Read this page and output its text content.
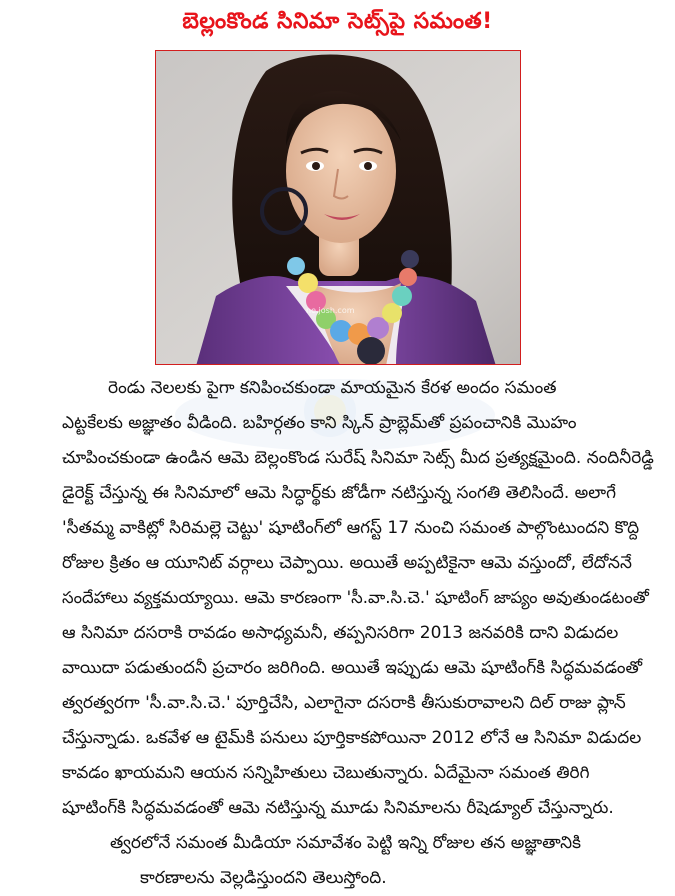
బెల్లంకొండ సినిమా సెట్స్‌పై సమంత!
ne.josh.com
రెండు నెలలకు పైగా కనిపించకుండా మాయమైన కేరళ అందం సమంత
ఎట్టకేలకు అజ్ఞాతం వీడింది. బహిర్గతం కాని స్కిన్ ప్రాబ్లెమ్‌తో ప్రపంచానికి మొహం
చూపించకుండా ఉండిన ఆమె బెల్లంకొండ సురేష్ సినిమా సెట్స్ మీద ప్రత్యక్షమైంది. నందినీరెడ్డి
డైరెక్ట్ చేస్తున్న ఈ సినిమాలో ఆమె సిద్ధార్థ్‌కు జోడీగా నటిస్తున్న సంగతి తెలిసిందే. అలాగే
'సీతమ్మ వాకిట్లో సిరిమల్లె చెట్టు' షూటింగ్‌లో ఆగస్ట్ 17 నుంచి సమంత పాల్గొంటుందని కొద్ది
రోజుల క్రితం ఆ యూనిట్ వర్గాలు చెప్పాయి. అయితే అప్పటికైనా ఆమె వస్తుందో, లేదోననే
సందేహాలు వ్యక్తమయ్యాయి. ఆమె కారణంగా 'సీ.వా.సి.చె.' షూటింగ్ జాప్యం అవుతుండటంతో
ఆ సినిమా దసరాకి రావడం అసాధ్యమనీ, తప్పనిసరిగా 2013 జనవరికి దాని విడుదల
వాయిదా పడుతుందనీ ప్రచారం జరిగింది. అయితే ఇప్పుడు ఆమె షూటింగ్‌కి సిద్ధమవడంతో
త్వరత్వరగా 'సీ.వా.సి.చె.' పూర్తిచేసి, ఎలాగైనా దసరాకి తీసుకురావాలని దిల్ రాజు ప్లాన్
చేస్తున్నాడు. ఒకవేళ ఆ టైమ్‌కి పనులు పూర్తికాకపోయినా 2012 లోనే ఆ సినిమా విడుదల
కావడం ఖాయమని ఆయన సన్నిహితులు చెబుతున్నారు. ఏదేమైనా సమంత తిరిగి
షూటింగ్‌కి సిద్ధమవడంతో ఆమె నటిస్తున్న మూడు సినిమాలను రీషెడ్యూల్ చేస్తున్నారు.
త్వరలోనే సమంత మీడియా సమావేశం పెట్టి ఇన్ని రోజుల తన అజ్ఞాతానికి
కారణాలను వెల్లడిస్తుందని తెలుస్తోంది.
